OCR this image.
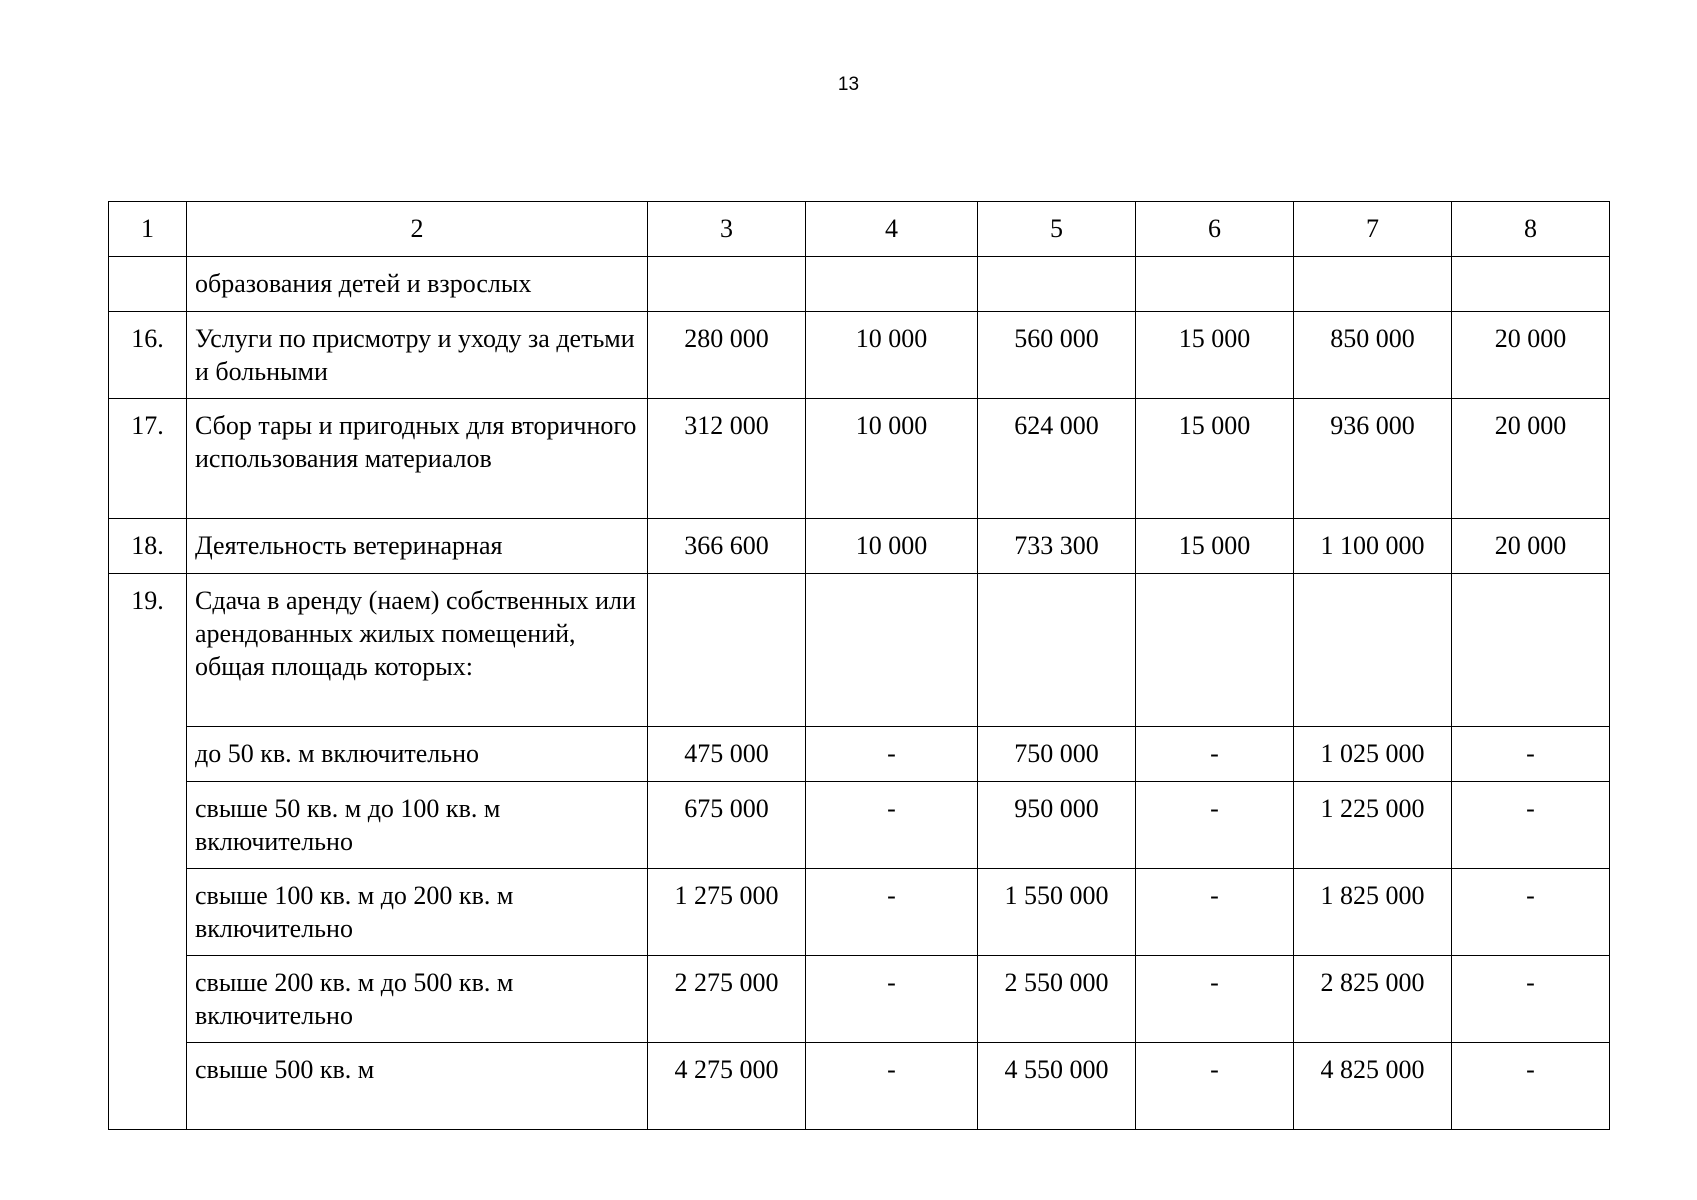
13
1	2	3	4	5	6	7	8
	образования детей и взрослых						
16.	Услуги по присмотру и уходу за детьми и больными	280 000	10 000	560 000	15 000	850 000	20 000
17.	Сбор тары и пригодных для вторичного использования материалов	312 000	10 000	624 000	15 000	936 000	20 000
18.	Деятельность ветеринарная	366 600	10 000	733 300	15 000	1 100 000	20 000
19.	Сдача в аренду (наем) собственных или арендованных жилых помещений, общая площадь которых:						
	до 50 кв. м включительно	475 000	-	750 000	-	1 025 000	-
	свыше 50 кв. м до 100 кв. м включительно	675 000	-	950 000	-	1 225 000	-
	свыше 100 кв. м до 200 кв. м включительно	1 275 000	-	1 550 000	-	1 825 000	-
	свыше 200 кв. м до 500 кв. м включительно	2 275 000	-	2 550 000	-	2 825 000	-
	свыше 500 кв. м	4 275 000	-	4 550 000	-	4 825 000	-
